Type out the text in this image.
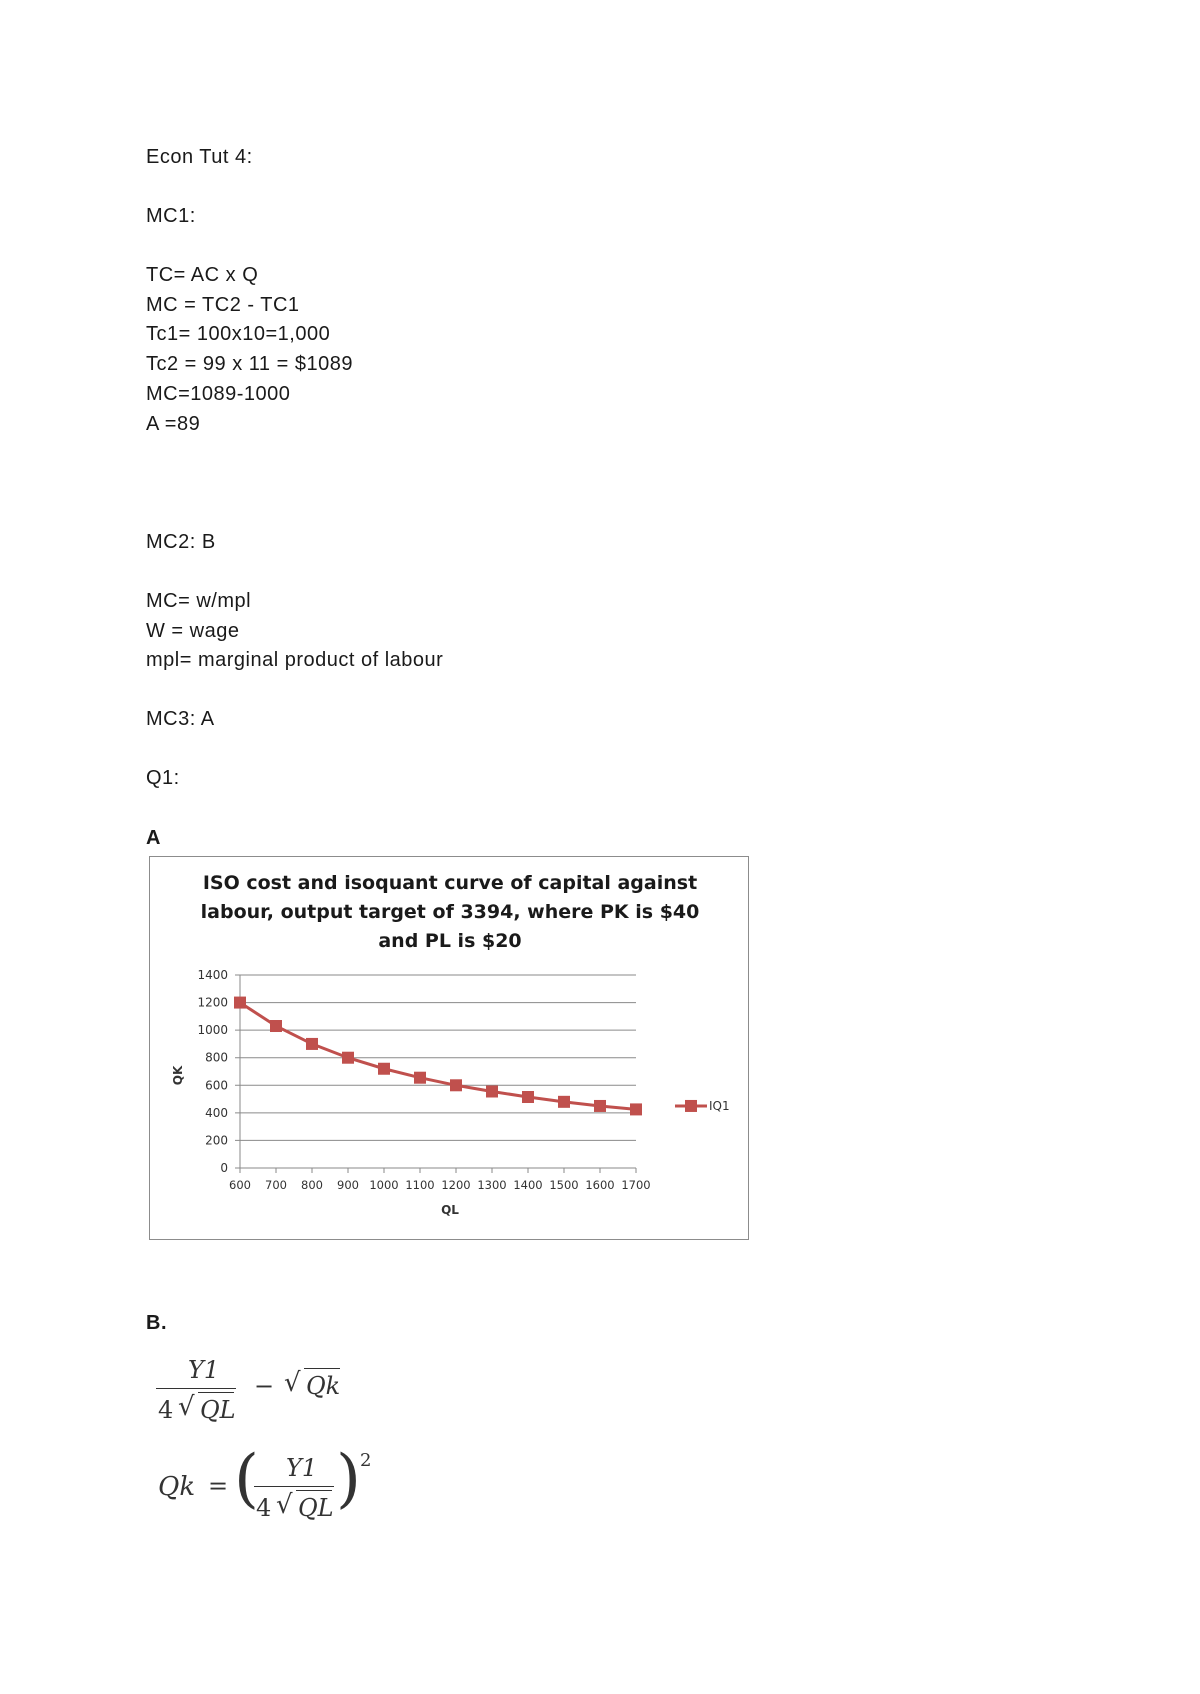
Econ Tut 4:
MC1:
TC= AC x Q
MC = TC2 - TC1
Tc1= 100x10=1,000
Tc2 = 99 x 11 = $1089
MC=1089-1000
A =89
MC2: B
MC= w/mpl
W = wage
mpl= marginal product of labour
MC3: A
Q1:
A
ISO cost and isoquant curve of capital against
labour, output target of 3394, where PK is $40
and PL is $20
0
200
400
600
800
1000
1200
1400
600 700 800 900 1000 1100 1200 1300 1400 1500 1600 1700
QL
QK
IQ1
B.
Y1
4 √ QL
− √ Qk
Qk = ( Y1
4 √ QL ) 2
